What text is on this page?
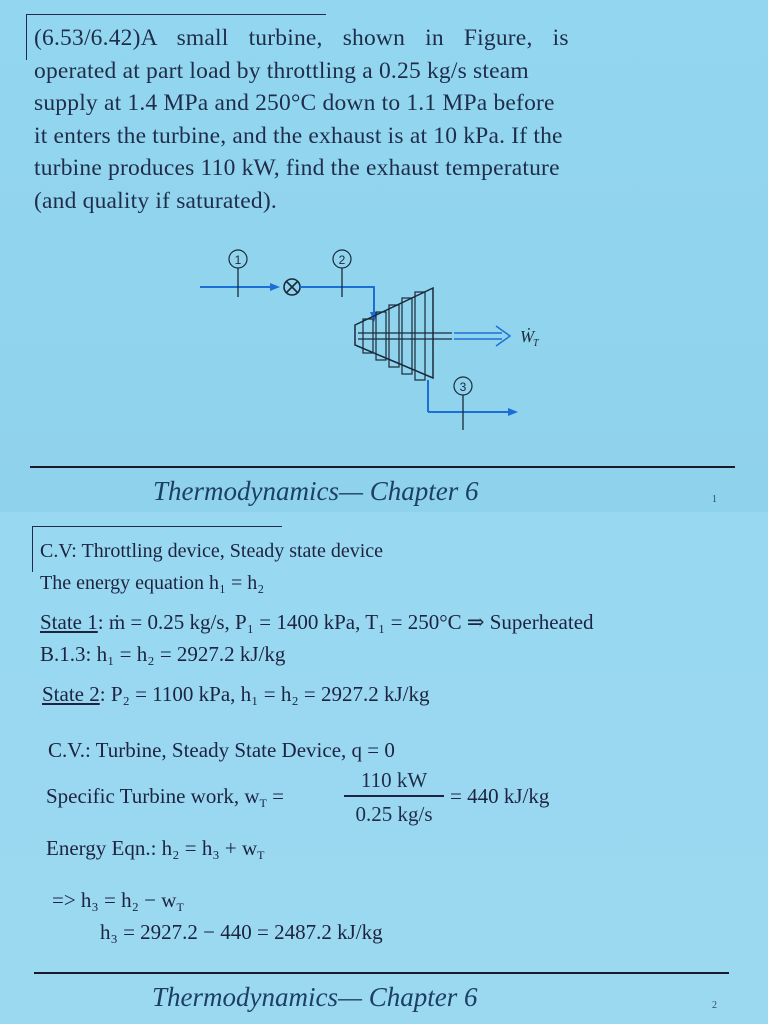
(6.53/6.42)A small turbine, shown in Figure, is
operated at part load by throttling a 0.25 kg/s steam
supply at 1.4 MPa and 250°C down to 1.1 MPa before
it enters the turbine, and the exhaust is at 10 kPa. If the
turbine produces 110 kW, find the exhaust temperature
(and quality if saturated).
1	2
Ẇ
T
3
Thermodynamics— Chapter 6	1
C.V: Throttling device, Steady state device
The energy equation h₁ = h₂
State 1: ṁ = 0.25 kg/s, P₁ = 1400 kPa, T₁ = 250°C ⇒ Superheated
B.1.3: h₁ = h₂ = 2927.2 kJ/kg
State 2: P₂ = 1100 kPa, h₁ = h₂ = 2927.2 kJ/kg
C.V.: Turbine, Steady State Device, q = 0
Specific Turbine work, $w_T$ =
110 kW
0.25 kg/s
= 440 kJ/kg
Energy Eqn.: $h_2 = h_3 + w_T$
=> $h_3 = h_2 - w_T$
h₃ = 2927.2 − 440 = 2487.2 kJ/kg
Thermodynamics— Chapter 6	2
